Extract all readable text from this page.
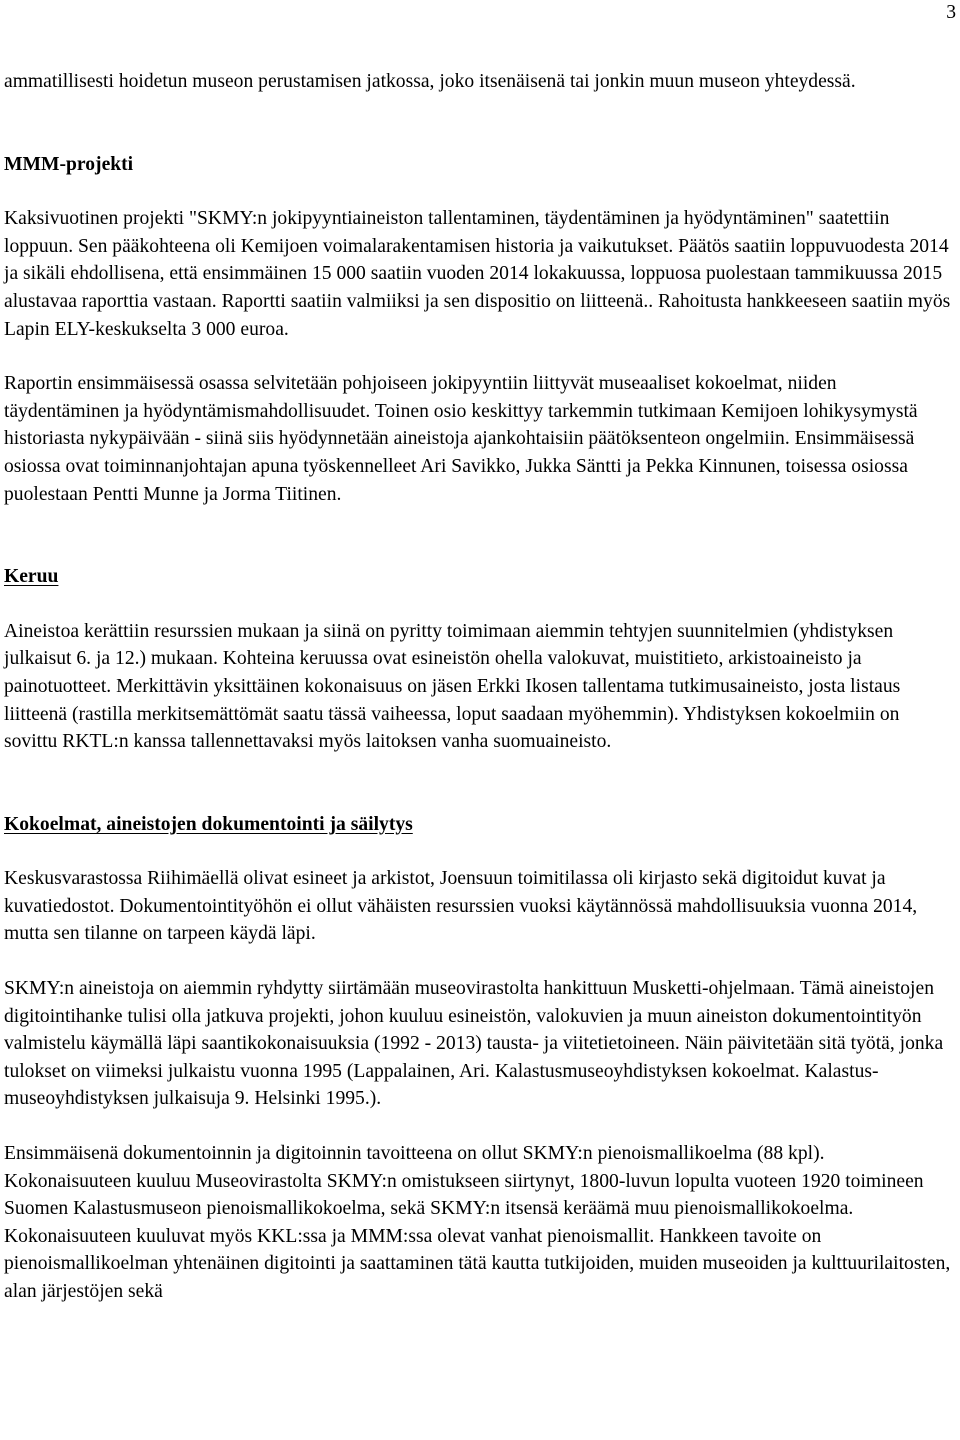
3

ammatillisesti hoidetun museon perustamisen jatkossa, joko itsenäisenä tai jonkin muun museon yhteydessä.

MMM-projekti

Kaksivuotinen projekti "SKMY:n jokipyyntiaineiston tallentaminen, täydentäminen ja hyödyntäminen" saatettiin loppuun. Sen pääkohteena oli Kemijoen voimalarakentamisen historia ja vaikutukset. Päätös saatiin loppuvuodesta 2014 ja sikäli ehdollisena, että ensimmäinen 15 000 saatiin vuoden 2014 lokakuussa, loppuosa puolestaan tammikuussa 2015 alustavaa raporttia vastaan. Raportti saatiin valmiiksi ja sen dispositio on liitteenä.. Rahoitusta hankkeeseen saatiin myös Lapin ELY-keskukselta 3 000 euroa.

Raportin ensimmäisessä osassa selvitetään pohjoiseen jokipyyntiin liittyvät museaaliset kokoelmat, niiden täydentäminen ja hyödyntämismahdollisuudet. Toinen osio keskittyy tarkemmin tutkimaan Kemijoen lohikysymystä historiasta nykypäivään - siinä siis hyödynnetään aineistoja ajankohtaisiin päätöksenteon ongelmiin. Ensimmäisessä osiossa ovat toiminnanjohtajan apuna työskennelleet Ari Savikko, Jukka Säntti ja Pekka Kinnunen, toisessa osiossa puolestaan Pentti Munne ja Jorma Tiitinen.

Keruu

Aineistoa kerättiin resurssien mukaan ja siinä on pyritty toimimaan aiemmin tehtyjen suunnitelmien (yhdistyksen julkaisut 6. ja 12.) mukaan. Kohteina keruussa ovat esineistön ohella valokuvat, muistitieto, arkistoaineisto ja painotuotteet. Merkittävin yksittäinen kokonaisuus on jäsen Erkki Ikosen tallentama tutkimusaineisto, josta listaus liitteenä (rastilla merkitsemättömät saatu tässä vaiheessa, loput saadaan myöhemmin). Yhdistyksen kokoelmiin on sovittu RKTL:n kanssa tallennettavaksi myös laitoksen vanha suomuaineisto.

Kokoelmat, aineistojen dokumentointi ja säilytys

Keskusvarastossa Riihimäellä olivat esineet ja arkistot, Joensuun toimitilassa oli kirjasto sekä digitoidut kuvat ja kuvatiedostot. Dokumentointityöhön ei ollut vähäisten resurssien vuoksi käytännössä mahdollisuuksia vuonna 2014, mutta sen tilanne on tarpeen käydä läpi.

SKMY:n aineistoja on aiemmin ryhdytty siirtämään museovirastolta hankittuun Musketti-ohjelmaan. Tämä aineistojen digitointihanke tulisi olla jatkuva projekti, johon kuuluu esineistön, valokuvien ja muun aineiston dokumentointityön valmistelu käymällä läpi saantikokonaisuuksia (1992 - 2013) tausta- ja viitetietoineen. Näin päivitetään sitä työtä, jonka tulokset on viimeksi julkaistu vuonna 1995 (Lappalainen, Ari. Kalastusmuseoyhdistyksen kokoelmat. Kalastus-museoyhdistyksen julkaisuja 9. Helsinki 1995.).

Ensimmäisenä dokumentoinnin ja digitoinnin tavoitteena on ollut SKMY:n pienoismallikoelma (88 kpl). Kokonaisuuteen kuuluu Museovirastolta SKMY:n omistukseen siirtynyt, 1800-luvun lopulta vuoteen 1920 toimineen Suomen Kalastusmuseon pienoismallikokoelma, sekä SKMY:n itsensä keräämä muu pienoismallikokoelma. Kokonaisuuteen kuuluvat myös KKL:ssa ja MMM:ssa olevat vanhat pienoismallit. Hankkeen tavoite on pienoismallikoelman yhtenäinen digitointi ja saattaminen tätä kautta tutkijoiden, muiden museoiden ja kulttuurilaitosten, alan järjestöjen sekä
